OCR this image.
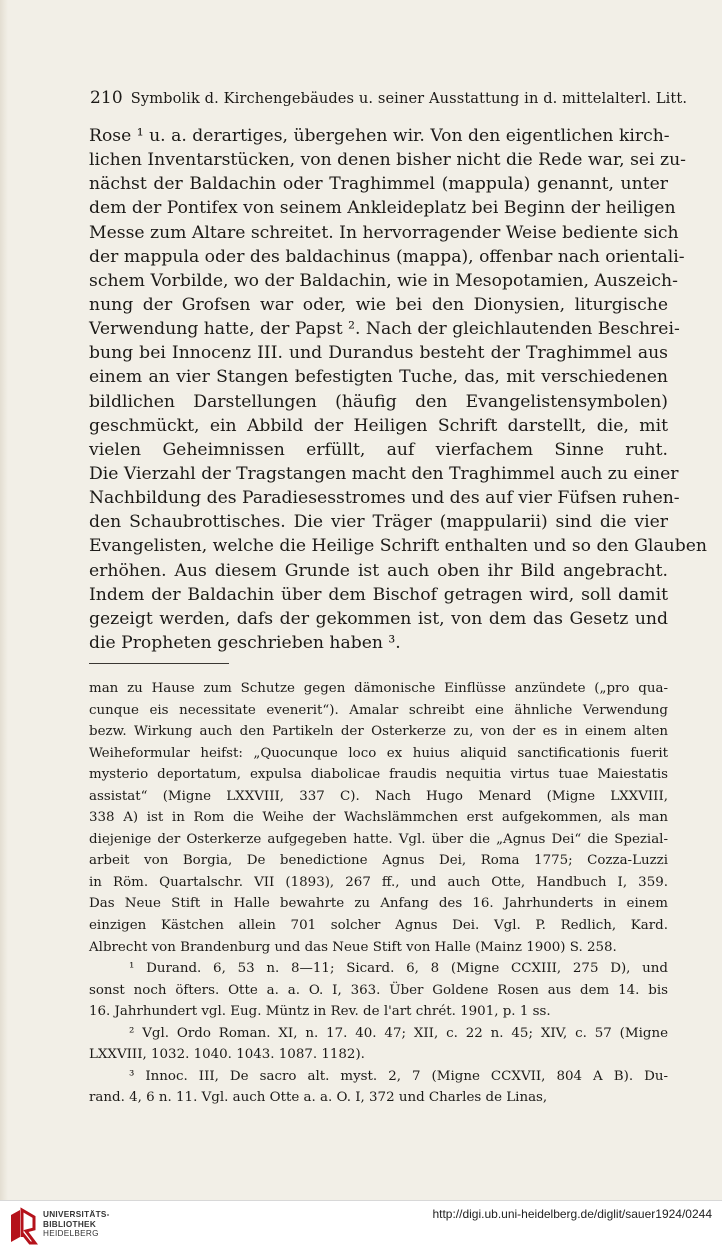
210 Symbolik d. Kirchengebäudes u. seiner Ausstattung in d. mittelalterl. Litt.
Rose ¹ u. a. derartiges, übergehen wir. Von den eigentlichen kirch-
lichen Inventarstücken, von denen bisher nicht die Rede war, sei zu-
nächst der Baldachin oder Traghimmel (mappula) genannt, unter
dem der Pontifex von seinem Ankleideplatz bei Beginn der heiligen
Messe zum Altare schreitet. In hervorragender Weise bediente sich
der mappula oder des baldachinus (mappa), offenbar nach orientali-
schem Vorbilde, wo der Baldachin, wie in Mesopotamien, Auszeich-
nung der Grofsen war oder, wie bei den Dionysien, liturgische
Verwendung hatte, der Papst ². Nach der gleichlautenden Beschrei-
bung bei Innocenz III. und Durandus besteht der Traghimmel aus
einem an vier Stangen befestigten Tuche, das, mit verschiedenen
bildlichen Darstellungen (häufig den Evangelistensymbolen)
geschmückt, ein Abbild der Heiligen Schrift darstellt, die, mit
vielen Geheimnissen erfüllt, auf vierfachem Sinne ruht.
Die Vierzahl der Tragstangen macht den Traghimmel auch zu einer
Nachbildung des Paradiesesstromes und des auf vier Füfsen ruhen-
den Schaubrottisches. Die vier Träger (mappularii) sind die vier
Evangelisten, welche die Heilige Schrift enthalten und so den Glauben
erhöhen. Aus diesem Grunde ist auch oben ihr Bild angebracht.
Indem der Baldachin über dem Bischof getragen wird, soll damit
gezeigt werden, dafs der gekommen ist, von dem das Gesetz und
die Propheten geschrieben haben ³.
man zu Hause zum Schutze gegen dämonische Einflüsse anzündete („pro qua-
cunque eis necessitate evenerit“). Amalar schreibt eine ähnliche Verwendung
bezw. Wirkung auch den Partikeln der Osterkerze zu, von der es in einem alten
Weiheformular heifst: „Quocunque loco ex huius aliquid sanctificationis fuerit
mysterio deportatum, expulsa diabolicae fraudis nequitia virtus tuae Maiestatis
assistat“ (Migne LXXVIII, 337 C). Nach Hugo Menard (Migne LXXVIII,
338 A) ist in Rom die Weihe der Wachslämmchen erst aufgekommen, als man
diejenige der Osterkerze aufgegeben hatte. Vgl. über die „Agnus Dei“ die Spezial-
arbeit von Borgia, De benedictione Agnus Dei, Roma 1775; Cozza-Luzzi
in Röm. Quartalschr. VII (1893), 267 ff., und auch Otte, Handbuch I, 359.
Das Neue Stift in Halle bewahrte zu Anfang des 16. Jahrhunderts in einem
einzigen Kästchen allein 701 solcher Agnus Dei. Vgl. P. Redlich, Kard.
Albrecht von Brandenburg und das Neue Stift von Halle (Mainz 1900) S. 258.
¹ Durand. 6, 53 n. 8—11; Sicard. 6, 8 (Migne CCXIII, 275 D), und
sonst noch öfters. Otte a. a. O. I, 363. Über Goldene Rosen aus dem 14. bis
16. Jahrhundert vgl. Eug. Müntz in Rev. de l'art chrét. 1901, p. 1 ss.
² Vgl. Ordo Roman. XI, n. 17. 40. 47; XII, c. 22 n. 45; XIV, c. 57 (Migne
LXXVIII, 1032. 1040. 1043. 1087. 1182).
³ Innoc. III, De sacro alt. myst. 2, 7 (Migne CCXVII, 804 A B). Du-
rand. 4, 6 n. 11. Vgl. auch Otte a. a. O. I, 372 und Charles de Linas,
UNIVERSITÄTS-
BIBLIOTHEK
HEIDELBERG
http://digi.ub.uni-heidelberg.de/diglit/sauer1924/0244
